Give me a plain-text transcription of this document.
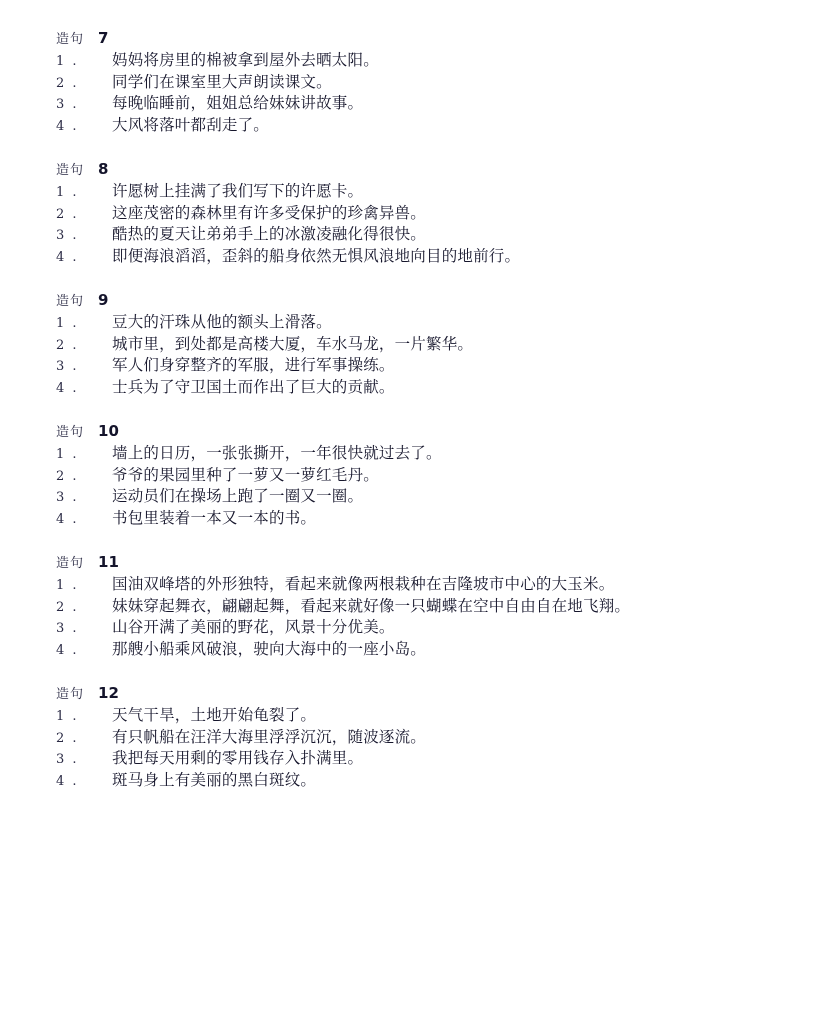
造句 7
1 .	妈妈将房里的棉被拿到屋外去晒太阳。
2 .	同学们在课室里大声朗读课文。
3 .	每晚临睡前，姐姐总给妹妹讲故事。
4 .	大风将落叶都刮走了。
造句 8
1 .	许愿树上挂满了我们写下的许愿卡。
2 .	这座茂密的森林里有许多受保护的珍禽异兽。
3 .	酷热的夏天让弟弟手上的冰激凌融化得很快。
4 .	即便海浪滔滔，歪斜的船身依然无惧风浪地向目的地前行。
造句 9
1 .	豆大的汗珠从他的额头上滑落。
2 .	城市里，到处都是高楼大厦，车水马龙，一片繁华。
3 .	军人们身穿整齐的军服，进行军事操练。
4 .	士兵为了守卫国土而作出了巨大的贡献。
造句 10
1 .	墙上的日历，一张张撕开，一年很快就过去了。
2 .	爷爷的果园里种了一萝又一萝红毛丹。
3 .	运动员们在操场上跑了一圈又一圈。
4 .	书包里装着一本又一本的书。
造句 11
1 .	国油双峰塔的外形独特，看起来就像两根栽种在吉隆坡市中心的大玉米。
2 .	妹妹穿起舞衣，翩翩起舞，看起来就好像一只蝴蝶在空中自由自在地飞翔。
3 .	山谷开满了美丽的野花，风景十分优美。
4 .	那艘小船乘风破浪，驶向大海中的一座小岛。
造句 12
1 .	天气干旱，土地开始龟裂了。
2 .	有只帆船在汪洋大海里浮浮沉沉，随波逐流。
3 .	我把每天用剩的零用钱存入扑满里。
4 .	斑马身上有美丽的黑白斑纹。
